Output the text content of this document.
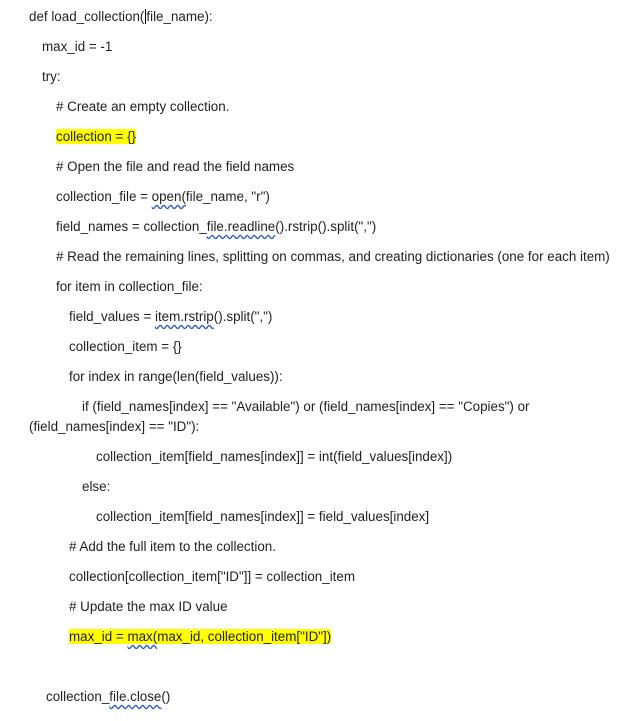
def load_collection( file_name):
max_id = -1
try:
# Create an empty collection.
collection = {}
# Open the file and read the field names
collection_file = open(file_name, "r")
field_names = collection_file.readline().rstrip().split(",")
# Read the remaining lines, splitting on commas, and creating dictionaries (one for each item)
for item in collection_file:
field_values = item.rstrip().split(",")
collection_item = {}
for index in range(len(field_values)):
if (field_names[index] == "Available") or (field_names[index] == "Copies") or
(field_names[index] == "ID"):
collection_item[field_names[index]] = int(field_values[index])
else:
collection_item[field_names[index]] = field_values[index]
# Add the full item to the collection.
collection[collection_item["ID"]] = collection_item
# Update the max ID value
max_id = max(max_id, collection_item["ID"])
collection_file.close()
